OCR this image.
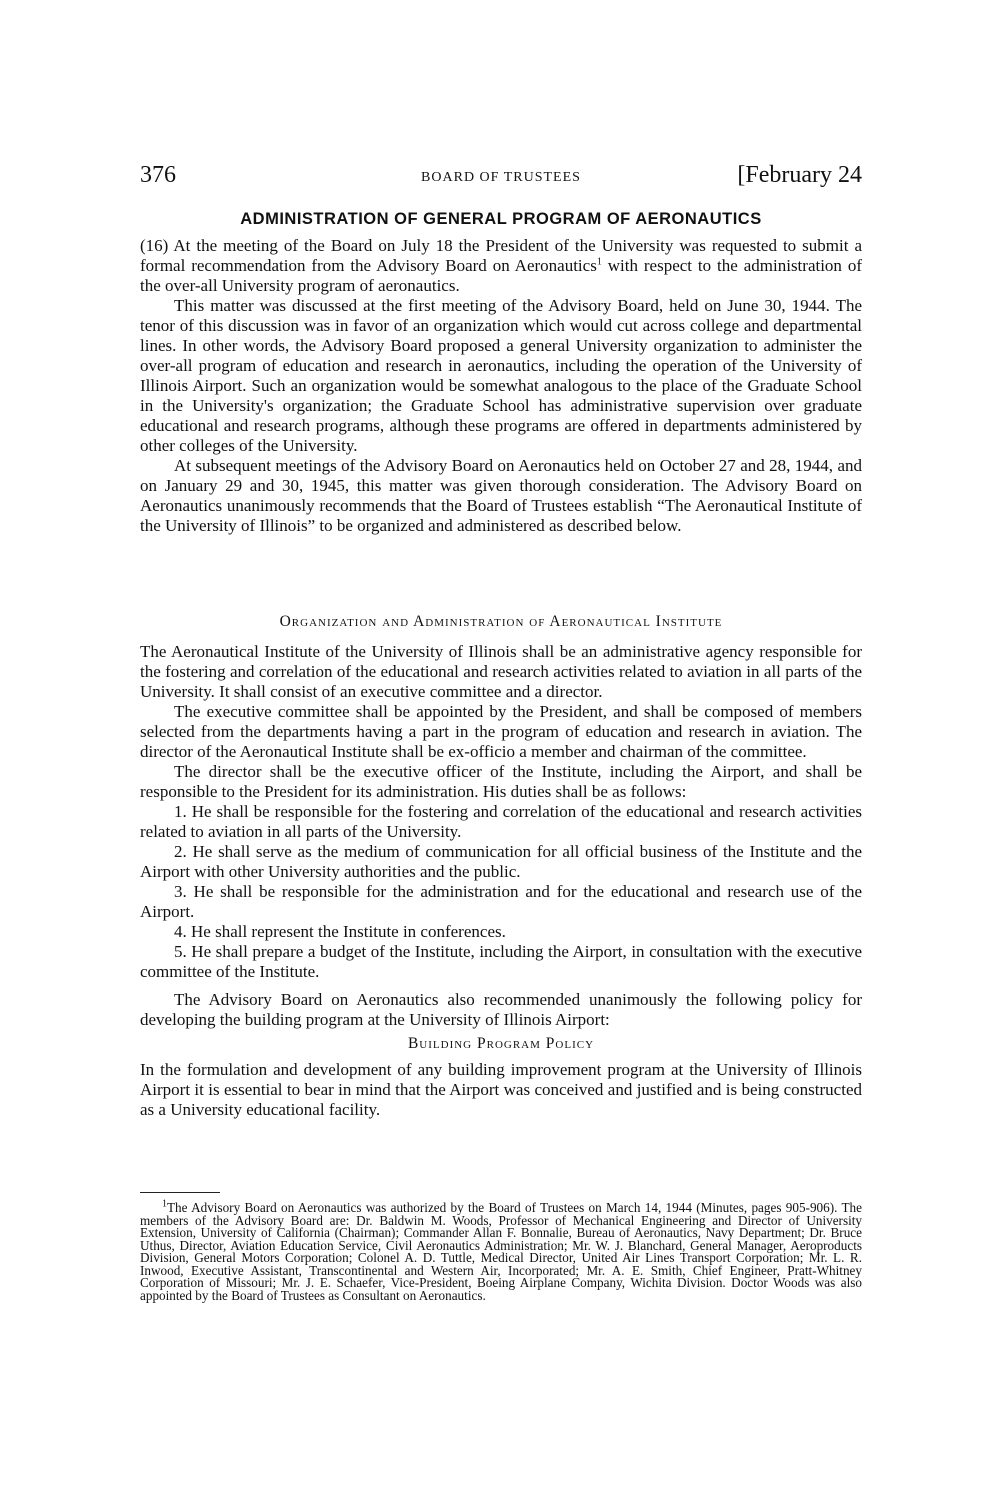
376	BOARD OF TRUSTEES	[February 24
ADMINISTRATION OF GENERAL PROGRAM OF AERONAUTICS

(16) At the meeting of the Board on July 18 the President of the University was requested to submit a formal recommendation from the Advisory Board on Aeronautics$^1$ with respect to the administration of the over-all University program of aeronautics.

This matter was discussed at the first meeting of the Advisory Board, held on June 30, 1944. The tenor of this discussion was in favor of an organization which would cut across college and departmental lines. In other words, the Advisory Board proposed a general University organization to administer the over-all program of education and research in aeronautics, including the operation of the University of Illinois Airport. Such an organization would be somewhat analogous to the place of the Graduate School in the University's organization; the Graduate School has administrative supervision over graduate educational and research programs, although these programs are offered in departments administered by other colleges of the University.

At subsequent meetings of the Advisory Board on Aeronautics held on October 27 and 28, 1944, and on January 29 and 30, 1945, this matter was given thorough consideration. The Advisory Board on Aeronautics unanimously recommends that the Board of Trustees establish “The Aeronautical Institute of the University of Illinois” to be organized and administered as described below.

Organization and Administration of Aeronautical Institute

The Aeronautical Institute of the University of Illinois shall be an administrative agency responsible for the fostering and correlation of the educational and research activities related to aviation in all parts of the University. It shall consist of an executive committee and a director.

The executive committee shall be appointed by the President, and shall be composed of members selected from the departments having a part in the program of education and research in aviation. The director of the Aeronautical Institute shall be ex-officio a member and chairman of the committee.

The director shall be the executive officer of the Institute, including the Airport, and shall be responsible to the President for its administration. His duties shall be as follows:

1. He shall be responsible for the fostering and correlation of the educational and research activities related to aviation in all parts of the University.

2. He shall serve as the medium of communication for all official business of the Institute and the Airport with other University authorities and the public.

3. He shall be responsible for the administration and for the educational and research use of the Airport.

4. He shall represent the Institute in conferences.

5. He shall prepare a budget of the Institute, including the Airport, in consultation with the executive committee of the Institute.

The Advisory Board on Aeronautics also recommended unanimously the following policy for developing the building program at the University of Illinois Airport:

Building Program Policy

In the formulation and development of any building improvement program at the University of Illinois Airport it is essential to bear in mind that the Airport was conceived and justified and is being constructed as a University educational facility.

$^1$The Advisory Board on Aeronautics was authorized by the Board of Trustees on March 14, 1944 (Minutes, pages 905-906). The members of the Advisory Board are: Dr. Baldwin M. Woods, Professor of Mechanical Engineering and Director of University Extension, University of California (Chairman); Commander Allan F. Bonnalie, Bureau of Aeronautics, Navy Department; Dr. Bruce Uthus, Director, Aviation Education Service, Civil Aeronautics Administration; Mr. W. J. Blanchard, General Manager, Aeroproducts Division, General Motors Corporation; Colonel A. D. Tuttle, Medical Director, United Air Lines Transport Corporation; Mr. L. R. Inwood, Executive Assistant, Transcontinental and Western Air, Incorporated; Mr. A. E. Smith, Chief Engineer, Pratt-Whitney Corporation of Missouri; Mr. J. E. Schaefer, Vice-President, Boeing Airplane Company, Wichita Division. Doctor Woods was also appointed by the Board of Trustees as Consultant on Aeronautics.
